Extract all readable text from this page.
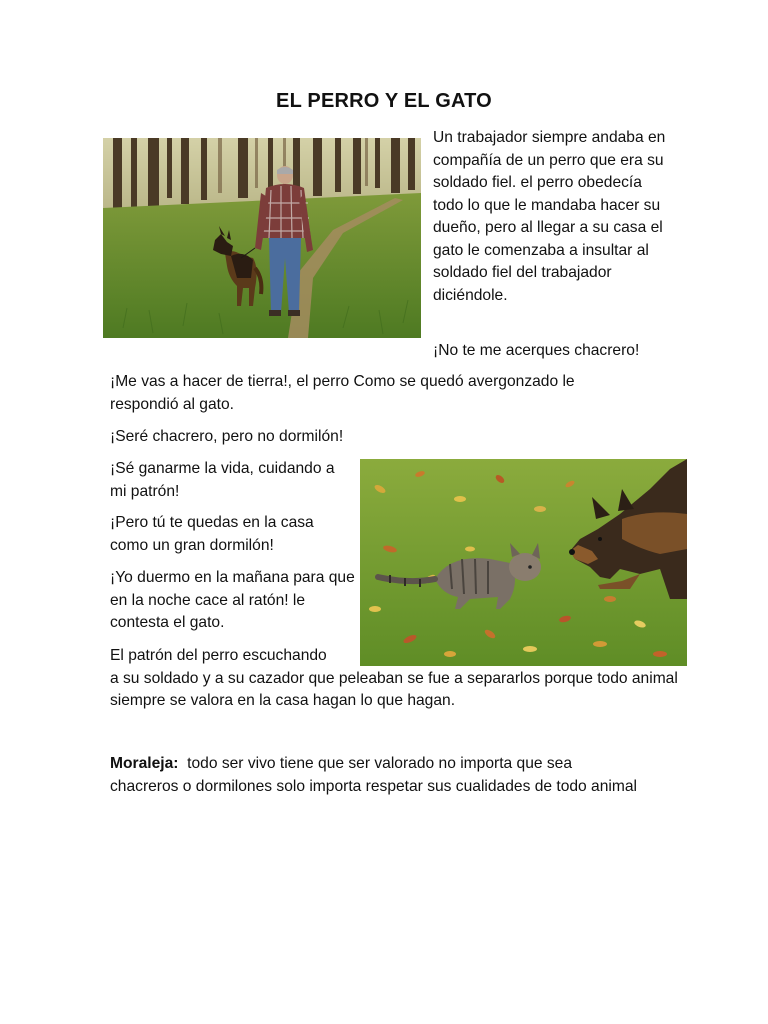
EL PERRO Y EL GATO
Un trabajador siempre andaba en compañía de un perro que era su soldado fiel. el perro obedecía todo lo que le mandaba hacer su dueño, pero al llegar a su casa el gato le comenzaba a insultar al soldado fiel del trabajador diciéndole.
¡No te me acerques chacrero!
¡Me vas a hacer de tierra!, el perro Como se quedó avergonzado le respondió al gato.
¡Seré chacrero, pero no dormilón!
¡Sé ganarme la vida, cuidando a mi patrón!
¡Pero tú te quedas en la casa como un gran dormilón!
¡Yo duermo en la mañana para que en la noche cace al ratón! le contesta el gato.
El patrón del perro escuchando
a su soldado y a su cazador que peleaban se fue a separarlos porque todo animal siempre se valora en la casa hagan lo que hagan.
Moraleja: todo ser vivo tiene que ser valorado no importa que sea chacreros o dormilones solo importa respetar sus cualidades de todo animal
